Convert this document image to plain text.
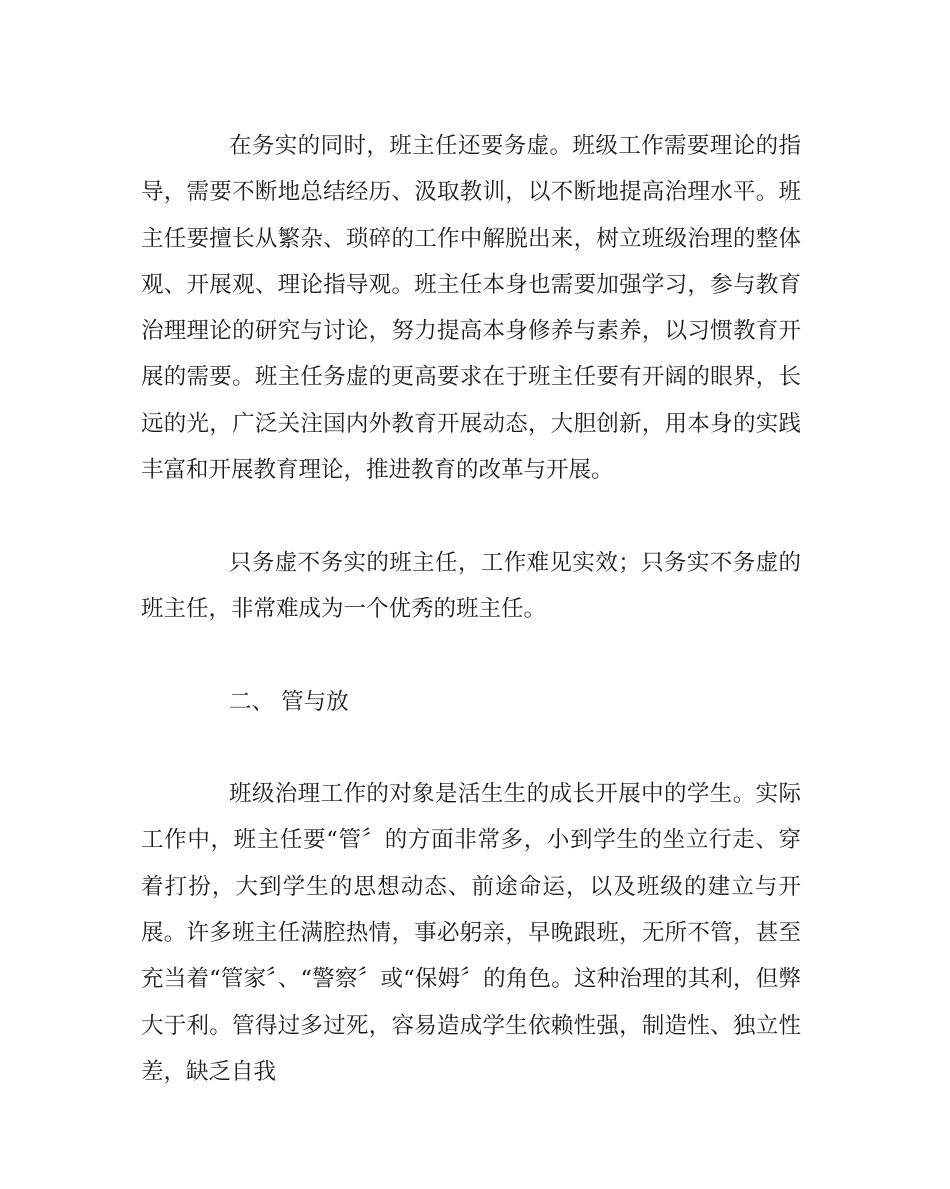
在务实的同时，班主任还要务虚。班级工作需要理论的指导，需要不断地总结经历、汲取教训，以不断地提高治理水平。班主任要擅长从繁杂、琐碎的工作中解脱出来，树立班级治理的整体观、开展观、理论指导观。班主任本身也需要加强学习，参与教育治理理论的研究与讨论，努力提高本身修养与素养，以习惯教育开展的需要。班主任务虚的更高要求在于班主任要有开阔的眼界，长远的光，广泛关注国内外教育开展动态，大胆创新，用本身的实践丰富和开展教育理论，推进教育的改革与开展。

只务虚不务实的班主任，工作难见实效；只务实不务虚的班主任，非常难成为一个优秀的班主任。

二、 管与放

班级治理工作的对象是活生生的成长开展中的学生。实际工作中，班主任要“管〞的方面非常多，小到学生的坐立行走、穿着打扮，大到学生的思想动态、前途命运，以及班级的建立与开展。许多班主任满腔热情，事必躬亲，早晚跟班，无所不管，甚至充当着“管家〞、“警察〞或“保姆〞的角色。这种治理的其利，但弊大于利。管得过多过死，容易造成学生依赖性强，制造性、独立性差，缺乏自我
